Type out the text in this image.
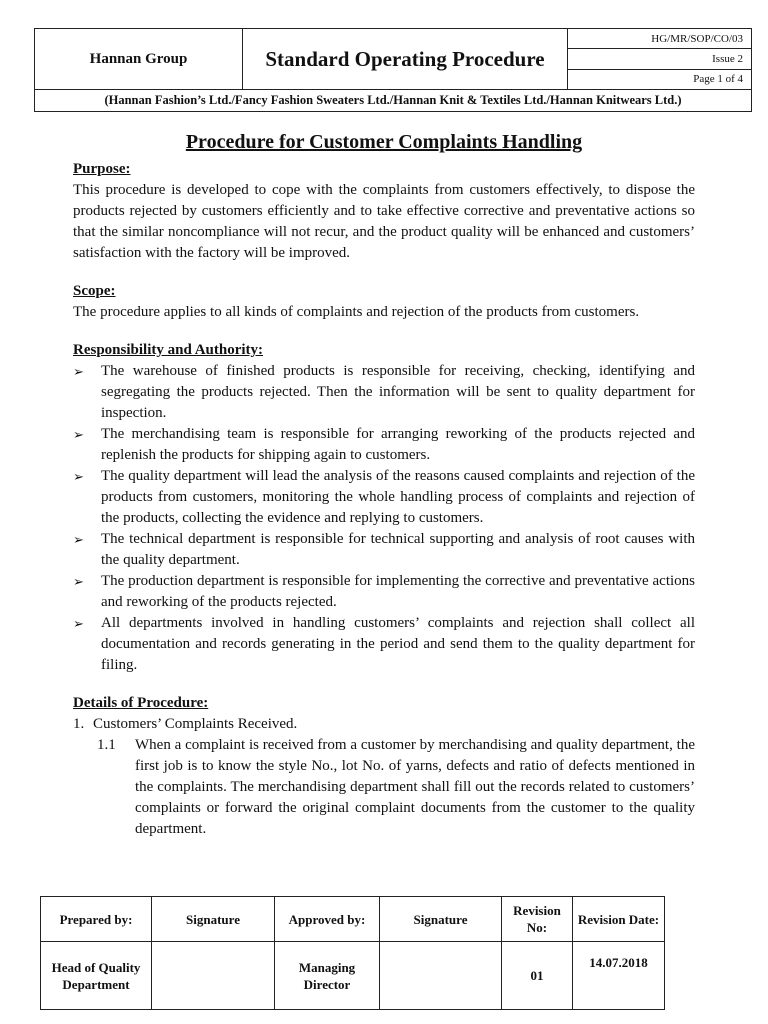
Hannan Group	Standard Operating Procedure	HG/MR/SOP/CO/03
Issue 2
Page 1 of 4
(Hannan Fashion’s Ltd./Fancy Fashion Sweaters Ltd./Hannan Knit & Textiles Ltd./Hannan Knitwears Ltd.)
Procedure for Customer Complaints Handling
Purpose:
This procedure is developed to cope with the complaints from customers effectively, to dispose the products rejected by customers efficiently and to take effective corrective and preventative actions so that the similar noncompliance will not recur, and the product quality will be enhanced and customers’ satisfaction with the factory will be improved.
Scope:
The procedure applies to all kinds of complaints and rejection of the products from customers.
Responsibility and Authority:
➢ The warehouse of finished products is responsible for receiving, checking, identifying and segregating the products rejected. Then the information will be sent to quality department for inspection.
➢ The merchandising team is responsible for arranging reworking of the products rejected and replenish the products for shipping again to customers.
➢ The quality department will lead the analysis of the reasons caused complaints and rejection of the products from customers, monitoring the whole handling process of complaints and rejection of the products, collecting the evidence and replying to customers.
➢ The technical department is responsible for technical supporting and analysis of root causes with the quality department.
➢ The production department is responsible for implementing the corrective and preventative actions and reworking of the products rejected.
➢ All departments involved in handling customers’ complaints and rejection shall collect all documentation and records generating in the period and send them to the quality department for filing.
Details of Procedure:
1. Customers’ Complaints Received.
1.1 When a complaint is received from a customer by merchandising and quality department, the first job is to know the style No., lot No. of yarns, defects and ratio of defects mentioned in the complaints. The merchandising department shall fill out the records related to customers’ complaints or forward the original complaint documents from the customer to the quality department.
Prepared by:	Signature	Approved by:	Signature	Revision No:	Revision Date:
Head of Quality Department		Managing Director		01	14.07.2018
